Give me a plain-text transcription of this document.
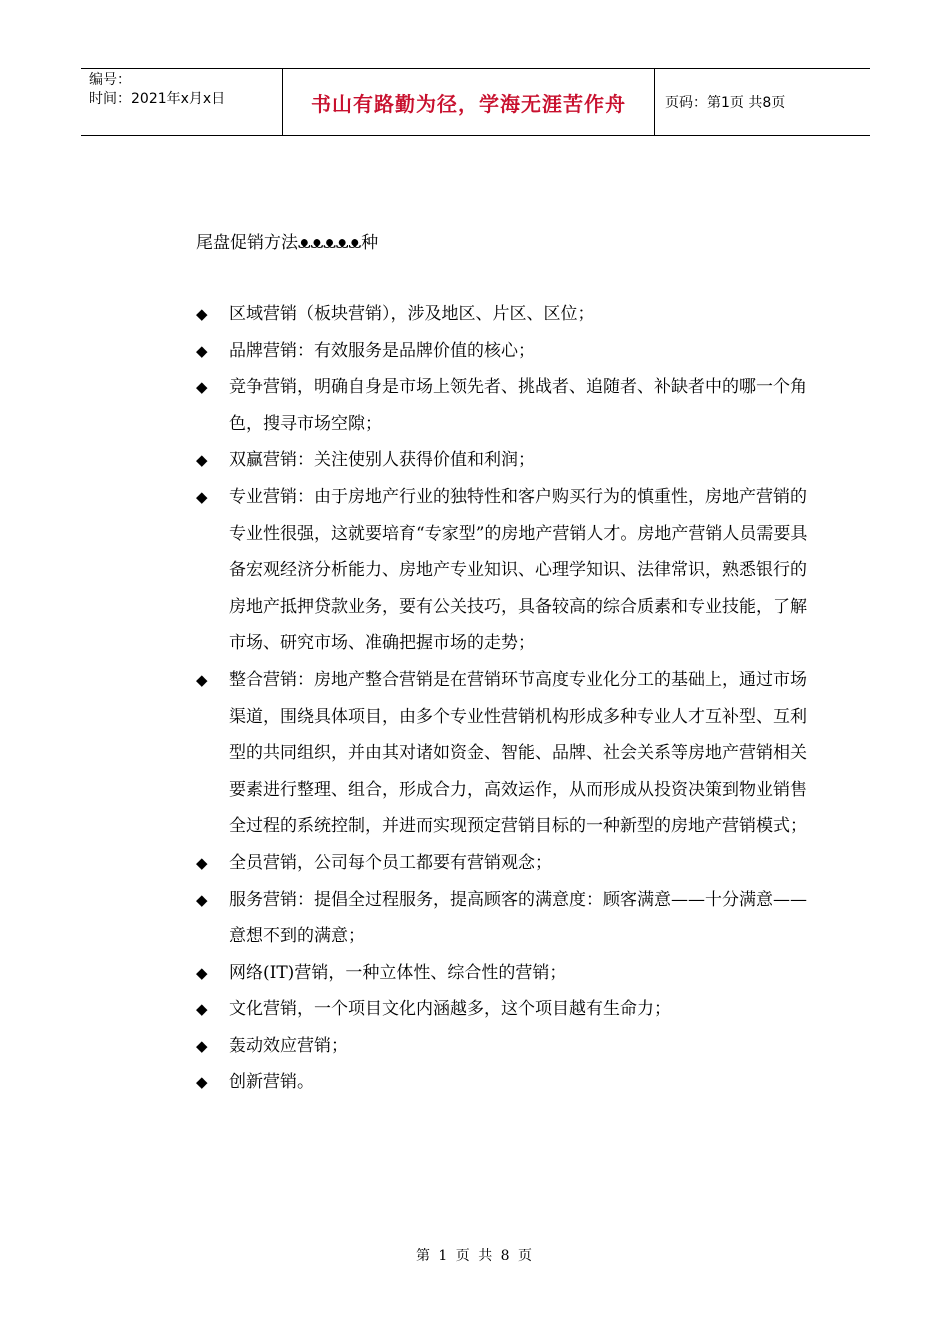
编号：
时间：2021年x月x日	书山有路勤为径，学海无涯苦作舟	页码：第1页 共8页
尾盘促销方法ᴥᴥᴥᴥᴥ种
◆ 区域营销（板块营销），涉及地区、片区、区位；
◆ 品牌营销：有效服务是品牌价值的核心；
◆ 竞争营销，明确自身是市场上领先者、挑战者、追随者、补缺者中的哪一个角色，搜寻市场空隙；
◆ 双赢营销：关注使别人获得价值和利润；
◆ 专业营销：由于房地产行业的独特性和客户购买行为的慎重性，房地产营销的专业性很强，这就要培育“专家型”的房地产营销人才。房地产营销人员需要具备宏观经济分析能力、房地产专业知识、心理学知识、法律常识，熟悉银行的房地产抵押贷款业务，要有公关技巧，具备较高的综合质素和专业技能，了解市场、研究市场、准确把握市场的走势；
◆ 整合营销：房地产整合营销是在营销环节高度专业化分工的基础上，通过市场渠道，围绕具体项目，由多个专业性营销机构形成多种专业人才互补型、互利型的共同组织，并由其对诸如资金、智能、品牌、社会关系等房地产营销相关要素进行整理、组合，形成合力，高效运作，从而形成从投资决策到物业销售全过程的系统控制，并进而实现预定营销目标的一种新型的房地产营销模式；
◆ 全员营销，公司每个员工都要有营销观念；
◆ 服务营销：提倡全过程服务，提高顾客的满意度：顾客满意——十分满意——意想不到的满意；
◆ 网络(IT)营销，一种立体性、综合性的营销；
◆ 文化营销，一个项目文化内涵越多，这个项目越有生命力；
◆ 轰动效应营销；
◆ 创新营销。
第 1 页 共 8 页
